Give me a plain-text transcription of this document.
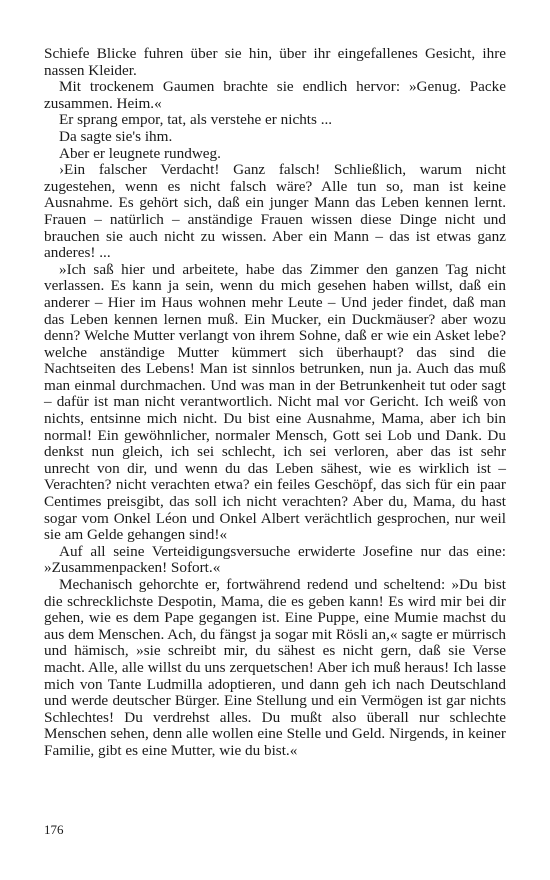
Schiefe Blicke fuhren über sie hin, über ihr eingefallenes Gesicht, ihre nassen Kleider.

Mit trockenem Gaumen brachte sie endlich hervor: »Genug. Packe zusammen. Heim.«

Er sprang empor, tat, als verstehe er nichts ...

Da sagte sie's ihm.

Aber er leugnete rundweg.

›Ein falscher Verdacht! Ganz falsch! Schließlich, warum nicht zugestehen, wenn es nicht falsch wäre? Alle tun so, man ist keine Ausnahme. Es gehört sich, daß ein junger Mann das Leben kennen lernt. Frauen – natürlich – anständige Frauen wissen diese Dinge nicht und brauchen sie auch nicht zu wissen. Aber ein Mann – das ist etwas ganz anderes! ...

»Ich saß hier und arbeitete, habe das Zimmer den ganzen Tag nicht verlassen. Es kann ja sein, wenn du mich gesehen haben willst, daß ein anderer – Hier im Haus wohnen mehr Leute – Und jeder findet, daß man das Leben kennen lernen muß. Ein Mucker, ein Duckmäuser? aber wozu denn? Welche Mutter verlangt von ihrem Sohne, daß er wie ein Asket lebe? welche anständige Mutter kümmert sich überhaupt? das sind die Nachtseiten des Lebens! Man ist sinnlos betrunken, nun ja. Auch das muß man einmal durchmachen. Und was man in der Betrunkenheit tut oder sagt – dafür ist man nicht verantwortlich. Nicht mal vor Gericht. Ich weiß von nichts, entsinne mich nicht. Du bist eine Ausnahme, Mama, aber ich bin normal! Ein gewöhnlicher, normaler Mensch, Gott sei Lob und Dank. Du denkst nun gleich, ich sei schlecht, ich sei verloren, aber das ist sehr unrecht von dir, und wenn du das Leben sähest, wie es wirklich ist – Verachten? nicht verachten etwa? ein feiles Geschöpf, das sich für ein paar Centimes preisgibt, das soll ich nicht verachten? Aber du, Mama, du hast sogar vom Onkel Léon und Onkel Albert verächtlich gesprochen, nur weil sie am Gelde gehangen sind!«

Auf all seine Verteidigungsversuche erwiderte Josefine nur das eine: »Zusammenpacken! Sofort.«

Mechanisch gehorchte er, fortwährend redend und scheltend: »Du bist die schrecklichste Despotin, Mama, die es geben kann! Es wird mir bei dir gehen, wie es dem Pape gegangen ist. Eine Puppe, eine Mumie machst du aus dem Menschen. Ach, du fängst ja sogar mit Rösli an,« sagte er mürrisch und hämisch, »sie schreibt mir, du sähest es nicht gern, daß sie Verse macht. Alle, alle willst du uns zerquetschen! Aber ich muß heraus! Ich lasse mich von Tante Ludmilla adoptieren, und dann geh ich nach Deutschland und werde deutscher Bürger. Eine Stellung und ein Vermögen ist gar nichts Schlechtes! Du verdrehst alles. Du mußt also überall nur schlechte Menschen sehen, denn alle wollen eine Stelle und Geld. Nirgends, in keiner Familie, gibt es eine Mutter, wie du bist.«

176
